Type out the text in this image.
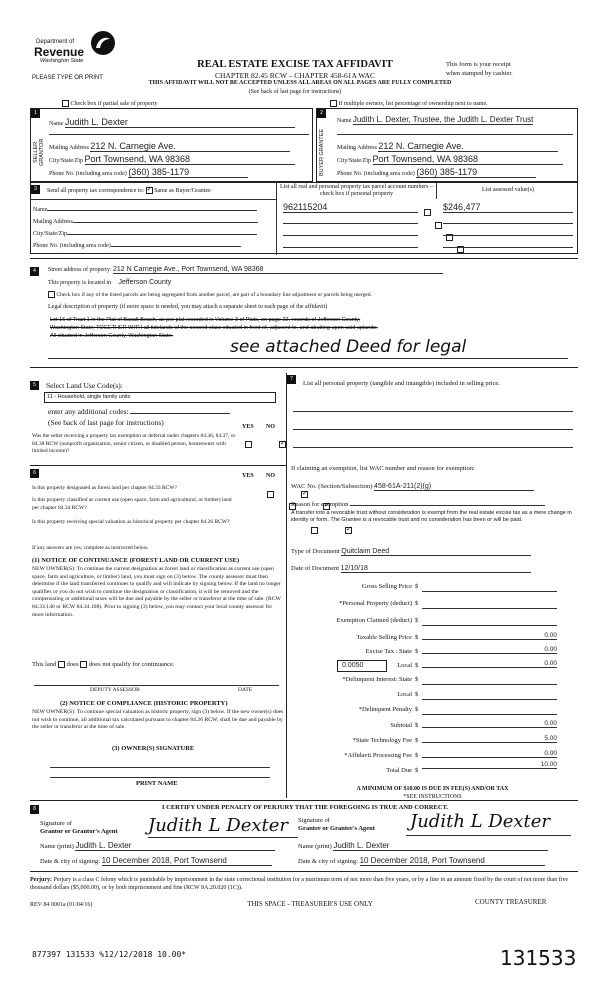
Department of
Revenue
Washington State
PLEASE TYPE OR PRINT
REAL ESTATE EXCISE TAX AFFIDAVIT
CHAPTER 82.45 RCW – CHAPTER 458-61A WAC
THIS AFFIDAVIT WILL NOT BE ACCEPTED UNLESS ALL AREAS ON ALL PAGES ARE FULLY COMPLETED
(See back of last page for instructions)
This form is your receipt
when stamped by cashier.
Check box if partial sale of property	If multiple owners, list percentage of ownership next to name.
1
SELLER GRANTOR
Name Judith L. Dexter
Mailing Address 212 N. Carnegie Ave.
City/State/Zip Port Townsend, WA 98368
Phone No. (including area code) (360) 385-1179
2
BUYER GRANTEE
Name Judith L. Dexter, Trustee, the Judith L. Dexter Trust
Mailing Address 212 N. Carnegie Ave.
City/State/Zip Port Townsend, WA 98368
Phone No. (including area code) (360) 385-1179
3	Send all property tax correspondence to: ✓ Same as Buyer/Grantee
List all real and personal property tax parcel account numbers – check box if personal property
List assessed value(s)
Name
Mailing Address
City/State/Zip
Phone No. (including area code)
962115204
	$246,477

4	Street address of property: 212 N Carnegie Ave., Port Townsend, WA 98368
This property is located in Jefferson County
Check box if any of the listed parcels are being segregated from another parcel, are part of a boundary line adjustment or parcels being merged.
Legal description of property (if more space is needed, you may attach a separate sheet to each page of the affidavit)
Lot 16 of Tract 1 in the Plat of Basalt Beach, as per plat recorded in Volume 3 of Plats, on page 22, records of Jefferson County,
Washington State; TOGETHER WITH all tidelands of the second class situated in front of, adjacent to, and abutting upon said uplands.
All situated in Jefferson County, Washington State.
see attached Deed for legal
5	Select Land Use Code(s):
11 - Household, single family units
enter any additional codes:
(See back of last page for instructions)	YES NO
Was the seller receiving a property tax exemption or deferral under chapters 84.36, 84.37, or 84.38 RCW (nonprofit organization, senior citizen, or disabled person, homeowner with limited income)?
✓
6	YES NO
Is this property designated as forest land per chapter 84.33 RCW?
✓
Is this property classified as current use (open space, farm and agricultural, or timber) land per chapter 84.34 RCW?
✓
Is this property receiving special valuation as historical property per chapter 84.26 RCW?
✓
If any answers are yes, complete as instructed below.
(1) NOTICE OF CONTINUANCE (FOREST LAND OR CURRENT USE)
NEW OWNER(S): To continue the current designation as forest land or classification as current use (open space, farm and agriculture, or timber) land, you must sign on (3) below. The county assessor must then determine if the land transferred continues to qualify and will indicate by signing below. If the land no longer qualifies or you do not wish to continue the designation or classification, it will be removed and the compensating or additional taxes will be due and payable by the seller or transferor at the time of sale. (RCW 84.33.140 or RCW 84.34.108). Prior to signing (3) below, you may contact your local county assessor for more information.
This land does does not qualify for continuance.
DEPUTY ASSESSOR	DATE
(2) NOTICE OF COMPLIANCE (HISTORIC PROPERTY)
NEW OWNER(S): To continue special valuation as historic property, sign (3) below. If the new owner(s) does not wish to continue, all additional tax calculated pursuant to chapter 84.26 RCW, shall be due and payable by the seller or transferor at the time of sale.
(3) OWNER(S) SIGNATURE
PRINT NAME
7
List all personal property (tangible and intangible) included in selling price.
If claiming an exemption, list WAC number and reason for exemption:
WAC No. (Section/Subsection) 458-61A-211(2)(g)
Reason for exemption
A transfer into a revocable trust without consideration is exempt from the real estate excise tax as a mere change in identity or form. The Grantee is a revocable trust and no consideration has been or will be paid.
Type of Document Quitclaim Deed
Date of Document 12/10/18
Gross Selling Price $
*Personal Property (deduct) $
Exemption Claimed (deduct) $
Taxable Selling Price $	0.00
Excise Tax : State $	0.00
0.0050	Local $	0.00
*Delinquent Interest: State $
Local $
*Delinquent Penalty $
Subtotal $	0.00
*State Technology Fee $	5.00
*Affidavit Processing Fee $	0.00
Total Due $
10.00
A MINIMUM OF $10.00 IS DUE IN FEE(S) AND/OR TAX
*SEE INSTRUCTIONS
8	I CERTIFY UNDER PENALTY OF PERJURY THAT THE FOREGOING IS TRUE AND CORRECT.
Signature of
Grantor or Grantor's Agent	Judith L Dexter
Name (print) Judith L. Dexter
Date & city of signing: 10 December 2018, Port Townsend
Signature of
Grantee or Grantee's Agent	Judith L Dexter
Name (print) Judith L. Dexter
Date & city of signing: 10 December 2018, Port Townsend
Perjury: Perjury is a class C felony which is punishable by imprisonment in the state correctional institution for a maximum term of not more than five years, or by a fine in an amount fixed by the court of not more than five thousand dollars ($5,000.00), or by both imprisonment and fine (RCW 9A.20.020 (1C)).
REV 84 0001a (01/04/16)	THIS SPACE - TREASURER'S USE ONLY	COUNTY TREASURER
877397 131533 %12/12/2018 10.00*	131533
